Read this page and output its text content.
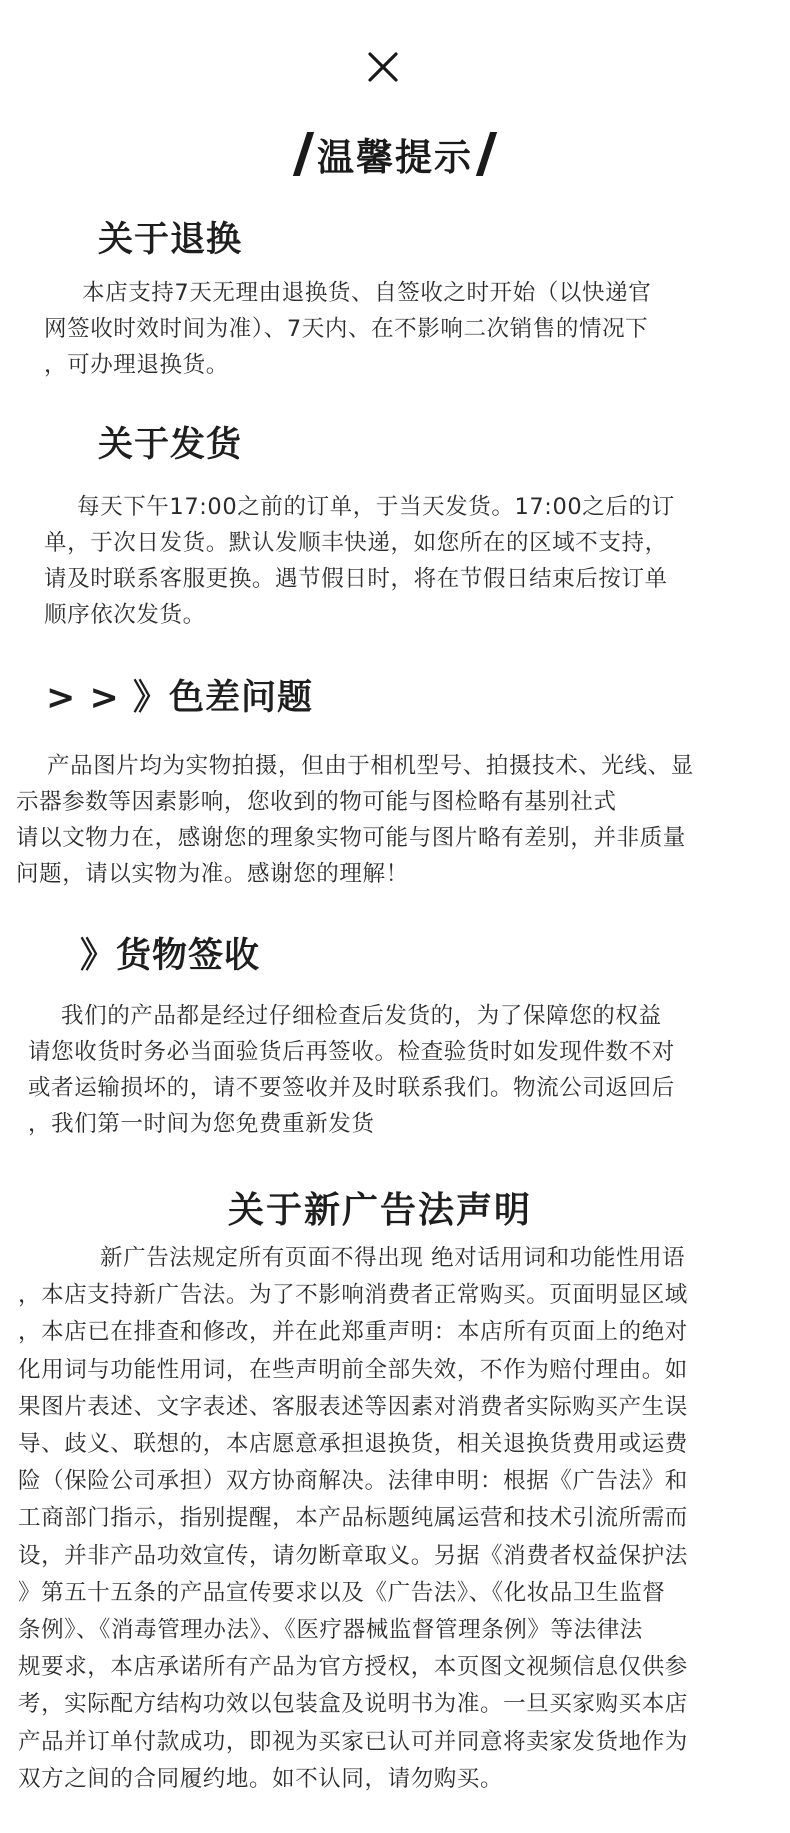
温馨提示
关于退换
本店支持7天无理由退换货、自签收之时开始（以快递官
网签收时效时间为准）、7天内、在不影响二次销售的情况下
，可办理退换货。
关于发货
每天下午17:00之前的订单，于当天发货。17:00之后的订
单，于次日发货。默认发顺丰快递，如您所在的区域不支持，
请及时联系客服更换。遇节假日时，将在节假日结束后按订单
顺序依次发货。
> > 》色差问题
产品图片均为实物拍摄，但由于相机型号、拍摄技术、光线、显
示器参数等因素影响，您收到的物可能与图检略有基别社式
请以文物力在，感谢您的理象实物可能与图片略有差别，并非质量
问题，请以实物为准。感谢您的理解！
》货物签收
我们的产品都是经过仔细检查后发货的，为了保障您的权益
请您收货时务必当面验货后再签收。检查验货时如发现件数不对
或者运输损坏的，请不要签收并及时联系我们。物流公司返回后
，我们第一时间为您免费重新发货
关于新广告法声明
新广告法规定所有页面不得出现 绝对话用词和功能性用语
，本店支持新广告法。为了不影响消费者正常购买。页面明显区域
，本店已在排查和修改，并在此郑重声明：本店所有页面上的绝对
化用词与功能性用词，在些声明前全部失效，不作为赔付理由。如
果图片表述、文字表述、客服表述等因素对消费者实际购买产生误
导、歧义、联想的，本店愿意承担退换货，相关退换货费用或运费
险（保险公司承担）双方协商解决。法律申明：根据《广告法》和
工商部门指示，指别提醒，本产品标题纯属运营和技术引流所需而
设，并非产品功效宣传，请勿断章取义。另据《消费者权益保护法
》第五十五条的产品宣传要求以及《广告法》、《化妆品卫生监督
条例》、《消毒管理办法》、《医疗器械监督管理条例》等法律法
规要求，本店承诺所有产品为官方授权，本页图文视频信息仅供参
考，实际配方结构功效以包装盒及说明书为准。一旦买家购买本店
产品并订单付款成功，即视为买家已认可并同意将卖家发货地作为
双方之间的合同履约地。如不认同，请勿购买。
